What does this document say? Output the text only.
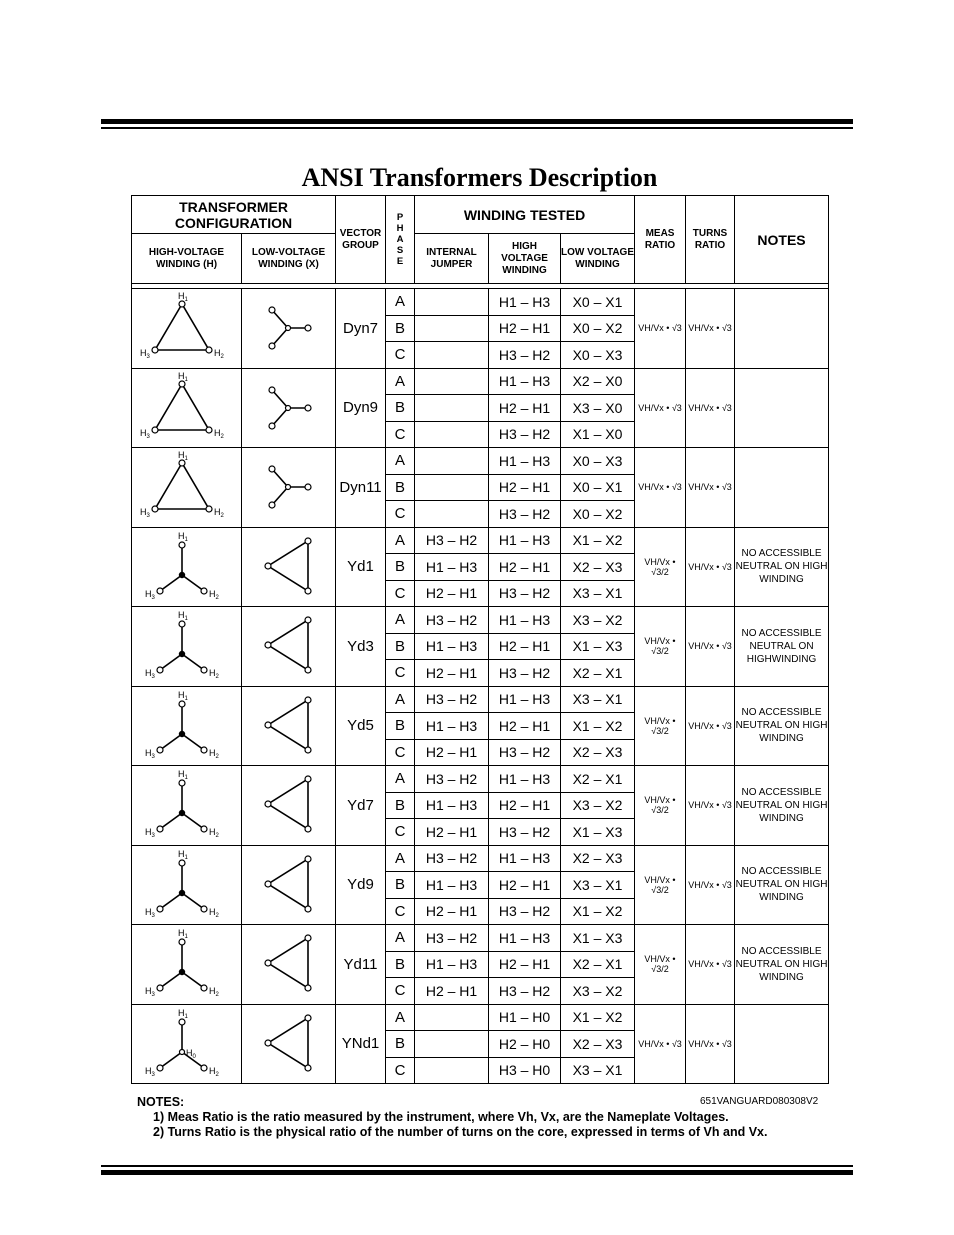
ANSI Transformers Description
TRANSFORMER CONFIGURATION		VECTOR GROUP	P
H
A
S
E	WINDING TESTED			MEAS RATIO	TURNS RATIO	NOTES
HIGH-VOLTAGE WINDING (H)	LOW-VOLTAGE WINDING (X)			INTERNAL JUMPER	HIGH VOLTAGE WINDING	LOW VOLTAGE WINDING			

$H_1$
$H_3$ $H_2$		Dyn7	A		H1 – H3	X0 – X1	VH/Vx • √3	VH/Vx • √3	
			B		H2 – H1	X0 – X2			
			C		H3 – H2	X0 – X3			

$H_1$
$H_3$ $H_2$		Dyn9	A		H1 – H3	X2 – X0	VH/Vx • √3	VH/Vx • √3	
			B		H2 – H1	X3 – X0			
			C		H3 – H2	X1 – X0			

$H_1$
$H_3$ $H_2$		Dyn11	A		H1 – H3	X0 – X3	VH/Vx • √3	VH/Vx • √3	
			B		H2 – H1	X0 – X1			
			C		H3 – H2	X0 – X2			

$H_1$
$H_3$ $H_2$		Yd1	A	H3 – H2	H1 – H3	X1 – X2	VH/Vx • √3/2	VH/Vx • √3	NO ACCESSIBLE NEUTRAL ON HIGH WINDING
			B	H1 – H3	H2 – H1	X2 – X3			
			C	H2 – H1	H3 – H2	X3 – X1			

$H_1$
$H_3$ $H_2$		Yd3	A	H3 – H2	H1 – H3	X3 – X2	VH/Vx • √3/2	VH/Vx • √3	NO ACCESSIBLE NEUTRAL ON HIGHWINDING
			B	H1 – H3	H2 – H1	X1 – X3			
			C	H2 – H1	H3 – H2	X2 – X1			

$H_1$
$H_3$ $H_2$		Yd5	A	H3 – H2	H1 – H3	X3 – X1	VH/Vx • √3/2	VH/Vx • √3	NO ACCESSIBLE NEUTRAL ON HIGH WINDING
			B	H1 – H3	H2 – H1	X1 – X2			
			C	H2 – H1	H3 – H2	X2 – X3			

$H_1$
$H_3$ $H_2$		Yd7	A	H3 – H2	H1 – H3	X2 – X1	VH/Vx • √3/2	VH/Vx • √3	NO ACCESSIBLE NEUTRAL ON HIGH WINDING
			B	H1 – H3	H2 – H1	X3 – X2			
			C	H2 – H1	H3 – H2	X1 – X3			

$H_1$
$H_3$ $H_2$		Yd9	A	H3 – H2	H1 – H3	X2 – X3	VH/Vx • √3/2	VH/Vx • √3	NO ACCESSIBLE NEUTRAL ON HIGH WINDING
			B	H1 – H3	H2 – H1	X3 – X1			
			C	H2 – H1	H3 – H2	X1 – X2			

$H_1$
$H_3$ $H_2$		Yd11	A	H3 – H2	H1 – H3	X1 – X3	VH/Vx • √3/2	VH/Vx • √3	NO ACCESSIBLE NEUTRAL ON HIGH WINDING
			B	H1 – H3	H2 – H1	X2 – X1			
			C	H2 – H1	H3 – H2	X3 – X2			

$H_1$
$H_0$
$H_3$ $H_2$		YNd1	A		H1 – H0	X1 – X2	VH/Vx • √3	VH/Vx • √3	
			B		H2 – H0	X2 – X3			
			C		H3 – H0	X3 – X1			
651VANGUARD080308V2
NOTES:
1) Meas Ratio is the ratio measured by the instrument, where Vh, Vx, are the Nameplate Voltages.
2) Turns Ratio is the physical ratio of the number of turns on the core, expressed in terms of Vh and Vx.
